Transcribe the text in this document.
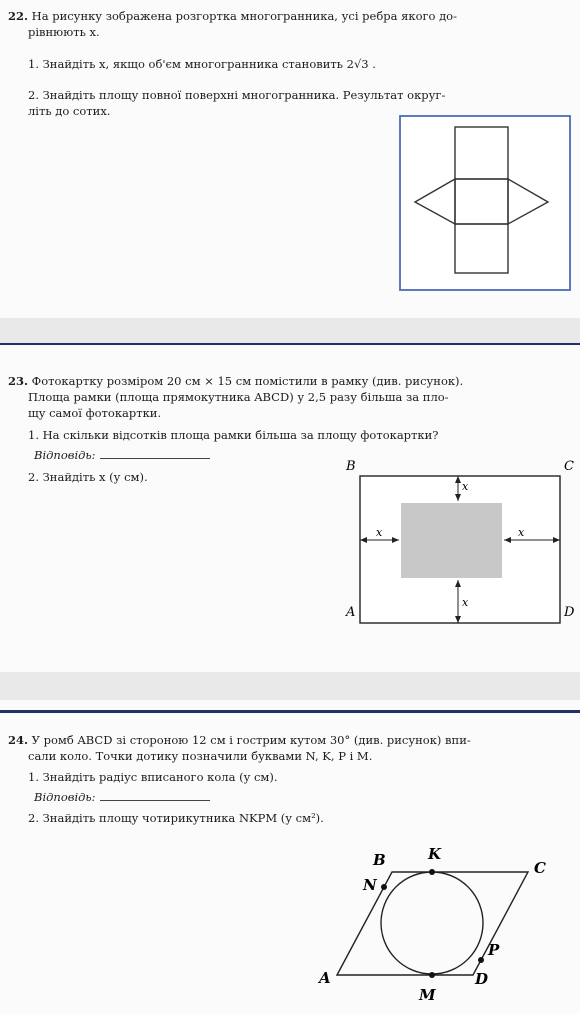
22. На рисунку зображена розгортка многогранника, усі ребра якого до-
рівнюють x.
1. Знайдіть x, якщо об'єм многогранника становить 2√3 .
2. Знайдіть площу повної поверхні многогранника. Результат округ-
літь до сотих.
23. Фотокартку розміром 20 см × 15 см помістили в рамку (див. рисунок).
Площа рамки (площа прямокутника ABCD) у 2,5 разу більша за пло-
щу самої фотокартки.
1. На скільки відсотків площа рамки більша за площу фотокартки?
Відповідь:
2. Знайдіть x (у см).
x
x
x	x
B	C
A	D
24. У ромб ABCD зі стороною 12 см і гострим кутом 30° (див. рисунок) впи-
сали коло. Точки дотику позначили буквами N, K, P і M.
1. Знайдіть радіус вписаного кола (у см).
Відповідь:
2. Знайдіть площу чотирикутника NKPM (у см²).
B	K
C
N
P
A	D
M
